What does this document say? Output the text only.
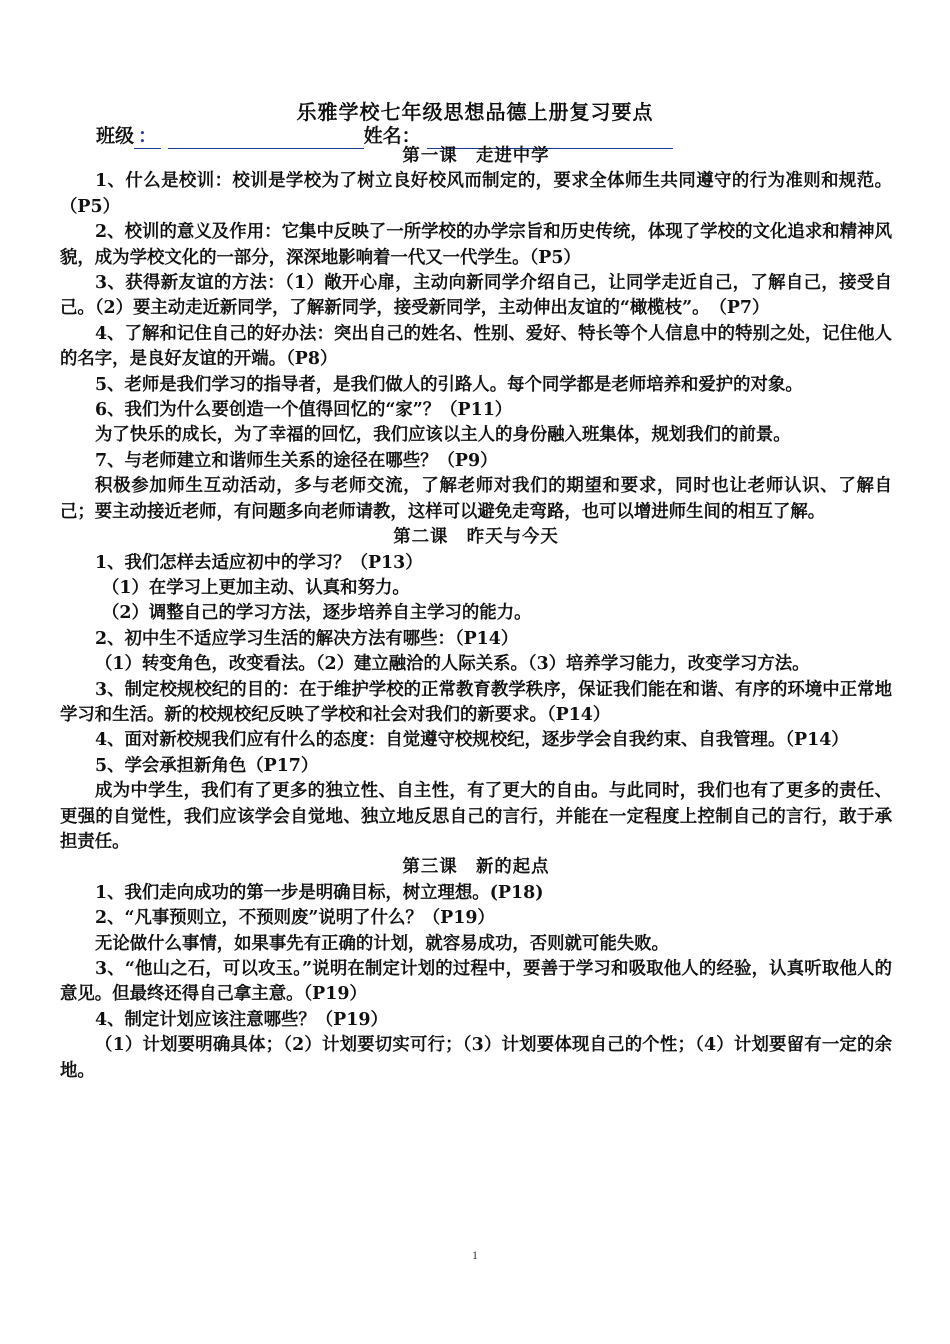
乐雅学校七年级思想品德上册复习要点
班级 ：	姓名：

第一课　走进中学

1、什么是校训：校训是学校为了树立良好校风而制定的，要求全体师生共同遵守的行为准则和规范。（P5）

2、校训的意义及作用：它集中反映了一所学校的办学宗旨和历史传统，体现了学校的文化追求和精神风貌，成为学校文化的一部分，深深地影响着一代又一代学生。（P5）

3、获得新友谊的方法：（1）敞开心扉，主动向新同学介绍自己，让同学走近自己，了解自己，接受自己。（2）要主动走近新同学，了解新同学，接受新同学，主动伸出友谊的“橄榄枝”。　（P7）

4、了解和记住自己的好办法：突出自己的姓名、性别、爱好、特长等个人信息中的特别之处，记住他人的名字，是良好友谊的开端。（P8）

5、老师是我们学习的指导者，是我们做人的引路人。每个同学都是老师培养和爱护的对象。

6、我们为什么要创造一个值得回忆的“家”？（P11）

为了快乐的成长，为了幸福的回忆，我们应该以主人的身份融入班集体，规划我们的前景。

7、与老师建立和谐师生关系的途径在哪些？（P9）

积极参加师生互动活动，多与老师交流，了解老师对我们的期望和要求，同时也让老师认识、了解自己；要主动接近老师，有问题多向老师请教，这样可以避免走弯路，也可以增进师生间的相互了解。

第二课　昨天与今天

1、我们怎样去适应初中的学习？（P13）

（1）在学习上更加主动、认真和努力。

（2）调整自己的学习方法，逐步培养自主学习的能力。

2、初中生不适应学习生活的解决方法有哪些：（P14）

（1）转变角色，改变看法。（2）建立融洽的人际关系。（3）培养学习能力，改变学习方法。

3、制定校规校纪的目的：在于维护学校的正常教育教学秩序，保证我们能在和谐、有序的环境中正常地学习和生活。新的校规校纪反映了学校和社会对我们的新要求。（P14）

4、面对新校规我们应有什么的态度：自觉遵守校规校纪，逐步学会自我约束、自我管理。（P14）

5、学会承担新角色（P17）

成为中学生，我们有了更多的独立性、自主性，有了更大的自由。与此同时，我们也有了更多的责任、更强的自觉性，我们应该学会自觉地、独立地反思自己的言行，并能在一定程度上控制自己的言行，敢于承担责任。

第三课　新的起点

1、我们走向成功的第一步是明确目标，树立理想。(P18)

2、“凡事预则立，不预则废”说明了什么？（P19）

无论做什么事情，如果事先有正确的计划，就容易成功，否则就可能失败。

3、“他山之石，可以攻玉。”说明在制定计划的过程中，要善于学习和吸取他人的经验，认真听取他人的意见。但最终还得自己拿主意。（P19）

4、制定计划应该注意哪些？（P19）

（1）计划要明确具体；（2）计划要切实可行；（3）计划要体现自己的个性；（4）计划要留有一定的余地。

1
